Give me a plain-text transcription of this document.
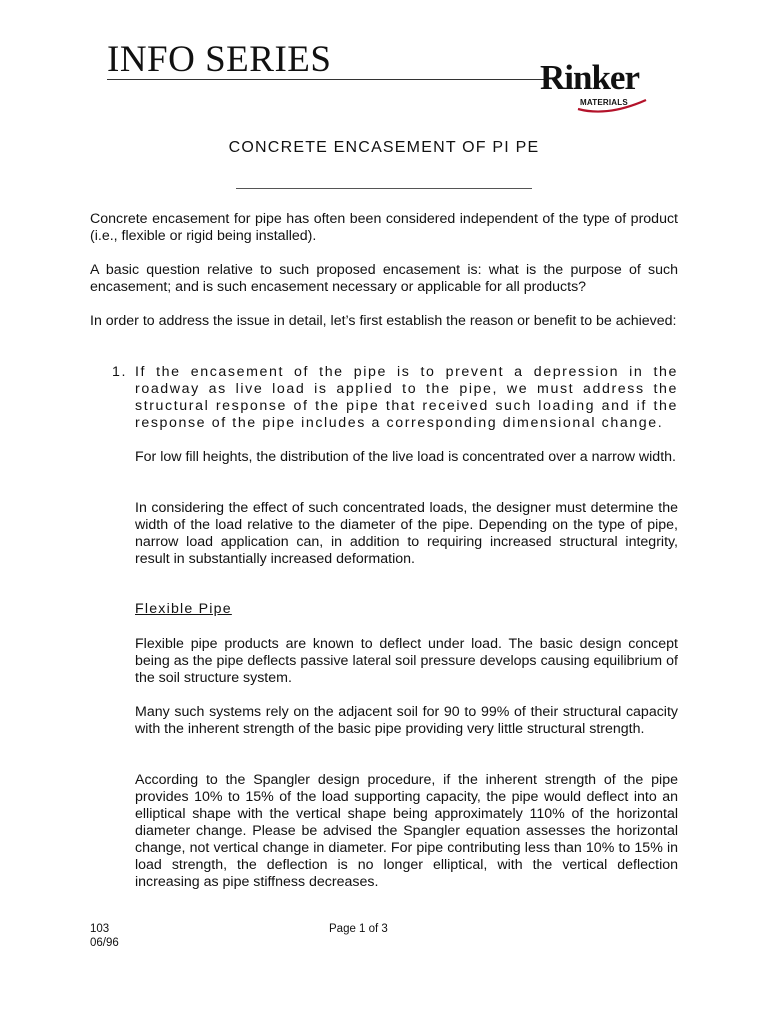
INFO SERIES	Rinker
MATERIALS
CONCRETE ENCASEMENT OF PI PE

Concrete encasement for pipe has often been considered independent of the type of product (i.e., flexible or rigid being installed).

A basic question relative to such proposed encasement is: what is the purpose of such encasement; and is such encasement necessary or applicable for all products?

In order to address the issue in detail, let’s first establish the reason or benefit to be achieved:

1. If the encasement of the pipe is to prevent a depression in the roadway as live load is applied to the pipe, we must address the structural response of the pipe that received such loading and if the response of the pipe includes a corresponding dimensional change.

For low fill heights, the distribution of the live load is concentrated over a narrow width.

In considering the effect of such concentrated loads, the designer must determine the width of the load relative to the diameter of the pipe. Depending on the type of pipe, narrow load application can, in addition to requiring increased structural integrity, result in substantially increased deformation.

Flexible Pipe

Flexible pipe products are known to deflect under load. The basic design concept being as the pipe deflects passive lateral soil pressure develops causing equilibrium of the soil structure system.

Many such systems rely on the adjacent soil for 90 to 99% of their structural capacity with the inherent strength of the basic pipe providing very little structural strength.

According to the Spangler design procedure, if the inherent strength of the pipe provides 10% to 15% of the load supporting capacity, the pipe would deflect into an elliptical shape with the vertical shape being approximately 110% of the horizontal diameter change. Please be advised the Spangler equation assesses the horizontal change, not vertical change in diameter. For pipe contributing less than 10% to 15% in load strength, the deflection is no longer elliptical, with the vertical deflection increasing as pipe stiffness decreases.

103
06/96
Page 1 of 3
